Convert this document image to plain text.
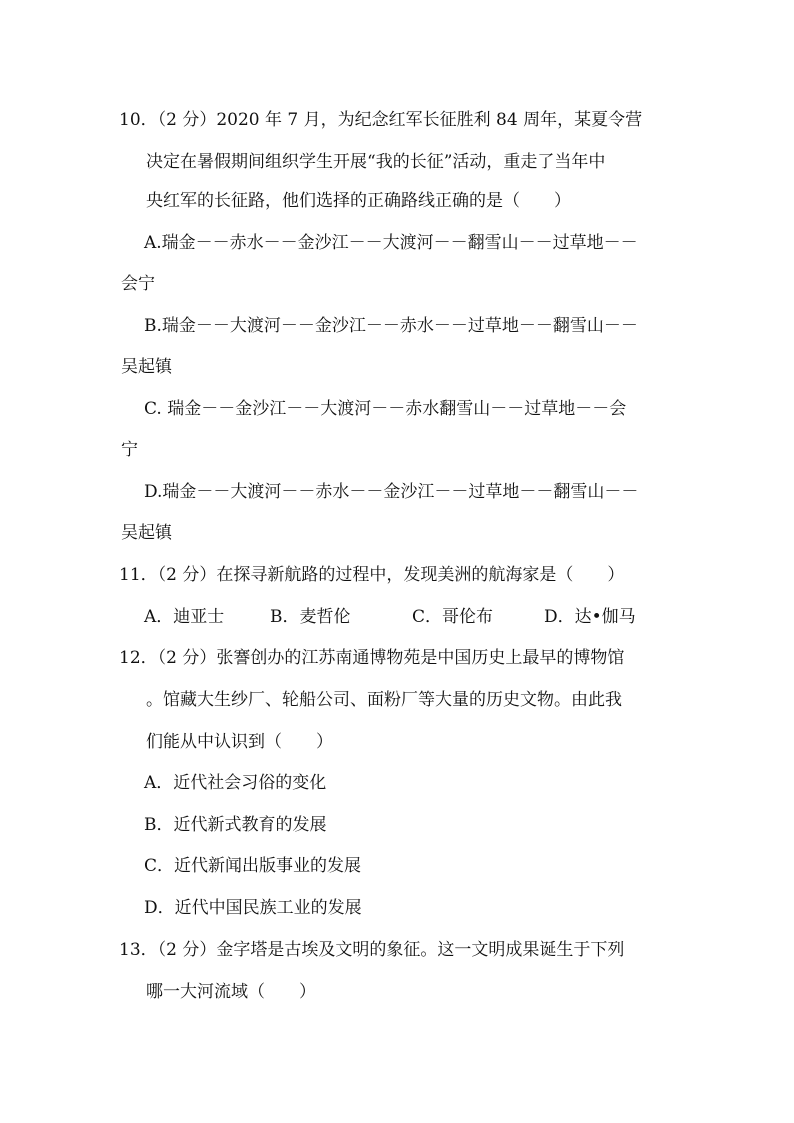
10．（2 分）2020 年 7 月，为纪念红军长征胜利 84 周年，某夏令营
决定在暑假期间组织学生开展“我的长征”活动，重走了当年中
央红军的长征路，他们选择的正确路线正确的是（　　）
A.瑞金－－赤水－－金沙江－－大渡河－－翻雪山－－过草地－－
会宁
B.瑞金－－大渡河－－金沙江－－赤水－－过草地－－翻雪山－－
吴起镇
C. 瑞金－－金沙江－－大渡河－－赤水翻雪山－－过草地－－会
宁
D.瑞金－－大渡河－－赤水－－金沙江－－过草地－－翻雪山－－
吴起镇
11．（2 分）在探寻新航路的过程中，发现美洲的航海家是（　　）
A．迪亚士	B．麦哲伦	C．哥伦布	D．达•伽马
12．（2 分）张謇创办的江苏南通博物苑是中国历史上最早的博物馆
。馆藏大生纱厂、轮船公司、面粉厂等大量的历史文物。由此我
们能从中认识到（　　）
A．近代社会习俗的变化
B．近代新式教育的发展
C．近代新闻出版事业的发展
D．近代中国民族工业的发展
13．（2 分）金字塔是古埃及文明的象征。这一文明成果诞生于下列
哪一大河流域（　　）
